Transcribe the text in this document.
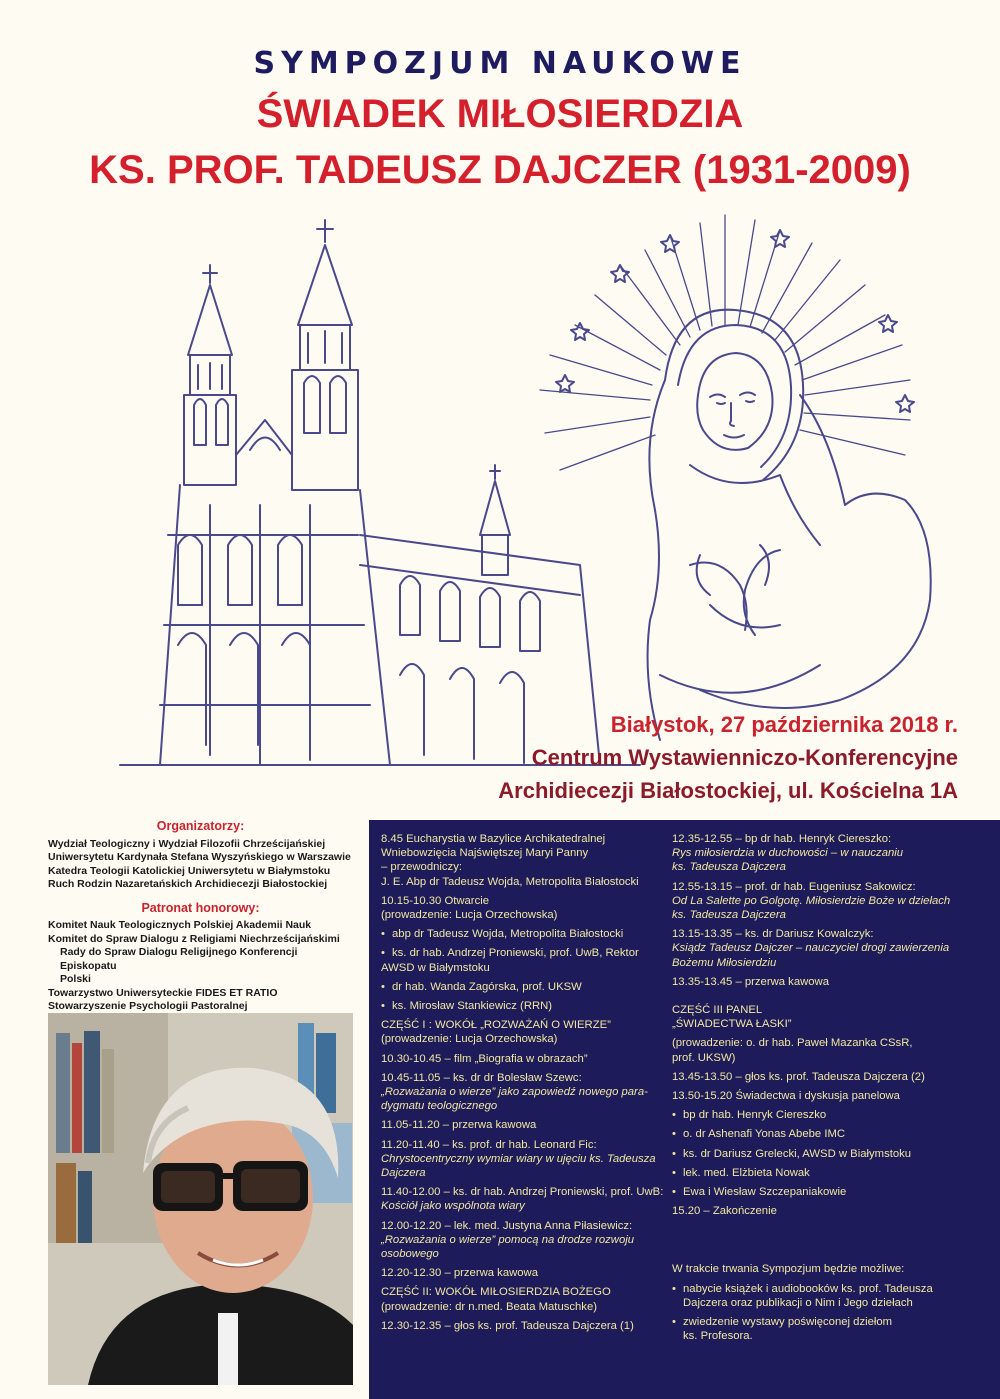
SYMPOZJUM NAUKOWE
ŚWIADEK MIŁOSIERDZIA
KS. PROF. TADEUSZ DAJCZER (1931-2009)
Białystok, 27 października 2018 r.
Centrum Wystawienniczo-Konferencyjne
Archidiecezji Białostockiej, ul. Kościelna 1A
Organizatorzy:

Wydział Teologiczny i Wydział Filozofii Chrześcijańskiej

Uniwersytetu Kardynała Stefana Wyszyńskiego w Warszawie

Katedra Teologii Katolickiej Uniwersytetu w Białymstoku

Ruch Rodzin Nazaretańskich Archidiecezji Białostockiej

Patronat honorowy:

Komitet Nauk Teologicznych Polskiej Akademii Nauk

Komitet do Spraw Dialogu z Religiami Niechrześcijańskimi

Rady do Spraw Dialogu Religijnego Konferencji Episkopatu

Polski

Towarzystwo Uniwersyteckie FIDES ET RATIO

Stowarzyszenie Psychologii Pastoralnej

8.45 Eucharystia w Bazylice Archikatedralnej
Wniebowzięcia Najświętszej Maryi Panny
– przewodniczy:
J. E. Abp dr Tadeusz Wojda, Metropolita Białostocki
10.15-10.30 Otwarcie
(prowadzenie: Lucja Orzechowska)
• abp dr Tadeusz Wojda, Metropolita Białostocki
• ks. dr hab. Andrzej Proniewski, prof. UwB, Rektor
AWSD w Białymstoku
• dr hab. Wanda Zagórska, prof. UKSW
• ks. Mirosław Stankiewicz (RRN)
CZĘŚĆ I : WOKÓŁ „ROZWAŻAŃ O WIERZE”
(prowadzenie: Lucja Orzechowska)
10.30-10.45 – film „Biografia w obrazach”
10.45-11.05 – ks. dr dr Bolesław Szewc:
„Rozważania o wierze” jako zapowiedź nowego para-
dygmatu teologicznego
11.05-11.20 – przerwa kawowa
11.20-11.40 – ks. prof. dr hab. Leonard Fic:
Chrystocentryczny wymiar wiary w ujęciu ks. Tadeusza
Dajczera
11.40-12.00 – ks. dr hab. Andrzej Proniewski, prof. UwB:
Kościół jako wspólnota wiary
12.00-12.20 – lek. med. Justyna Anna Piłasiewicz:
„Rozważania o wierze” pomocą na drodze rozwoju
osobowego
12.20-12.30 – przerwa kawowa
CZĘŚĆ II: WOKÓŁ MIŁOSIERDZIA BOŻEGO
(prowadzenie: dr n.med. Beata Matuschke)
12.30-12.35 – głos ks. prof. Tadeusza Dajczera (1)
12.35-12.55 – bp dr hab. Henryk Ciereszko:
Rys miłosierdzia w duchowości – w nauczaniu
ks. Tadeusza Dajczera
12.55-13.15 – prof. dr hab. Eugeniusz Sakowicz:
Od La Salette po Golgotę. Miłosierdzie Boże w dziełach
ks. Tadeusza Dajczera
13.15-13.35 – ks. dr Dariusz Kowalczyk:
Ksiądz Tadeusz Dajczer – nauczyciel drogi zawierzenia
Bożemu Miłosierdziu
13.35-13.45 – przerwa kawowa
CZĘŚĆ III PANEL
„ŚWIADECTWA ŁASKI”
(prowadzenie: o. dr hab. Paweł Mazanka CSsR,
prof. UKSW)
13.45-13.50 – głos ks. prof. Tadeusza Dajczera (2)
13.50-15.20 Świadectwa i dyskusja panelowa
• bp dr hab. Henryk Ciereszko
• o. dr Ashenafi Yonas Abebe IMC
• ks. dr Dariusz Grelecki, AWSD w Białymstoku
• lek. med. Elżbieta Nowak
• Ewa i Wiesław Szczepaniakowie
15.20 – Zakończenie
W trakcie trwania Sympozjum będzie możliwe:
• nabycie książek i audiobooków ks. prof. Tadeusza
Dajczera oraz publikacji o Nim i Jego dziełach
• zwiedzenie wystawy poświęconej dziełom
ks. Profesora.
